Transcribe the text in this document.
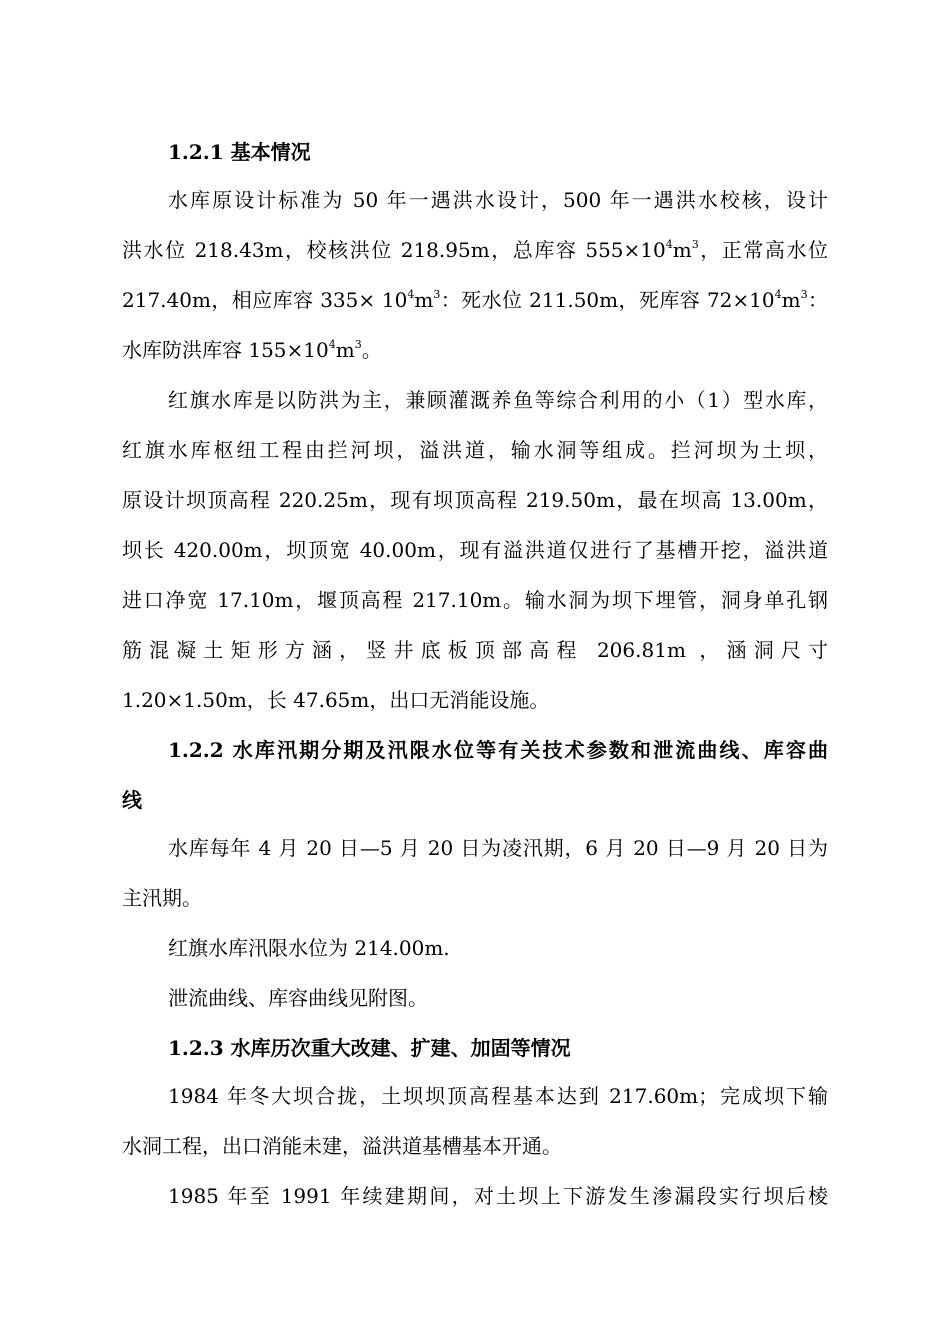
1.2.1 基本情况
水库原设计标准为 50 年一遇洪水设计，500 年一遇洪水校核，设计
洪水位 218.43m，校核洪位 218.95m，总库容 $555\times 10^4m^3$，正常高水位
217.40m，相应库容 $335\times 10^4m^3$：死水位 211.50m，死库容 $72\times 10^4m^3$：
水库防洪库容 $155\times 10^4m^3$。
红旗水库是以防洪为主，兼顾灌溉养鱼等综合利用的小（1）型水库，
红旗水库枢纽工程由拦河坝，溢洪道，输水洞等组成。拦河坝为土坝，
原设计坝顶高程 220.25m，现有坝顶高程 219.50m，最在坝高 13.00m，
坝长 420.00m，坝顶宽 40.00m，现有溢洪道仅进行了基槽开挖，溢洪道
进口净宽 17.10m，堰顶高程 217.10m。输水洞为坝下埋管，洞身单孔钢
筋混凝土矩形方涵，竖井底板顶部高程 206.81m ，涵洞尺寸
1.20×1.50m，长 47.65m，出口无消能设施。
1.2.2 水库汛期分期及汛限水位等有关技术参数和泄流曲线、库容曲
线
水库每年 4 月 20 日—5 月 20 日为凌汛期，6 月 20 日—9 月 20 日为
主汛期。
红旗水库汛限水位为 214.00m.
泄流曲线、库容曲线见附图。
1.2.3 水库历次重大改建、扩建、加固等情况
1984 年冬大坝合拢，土坝坝顶高程基本达到 217.60m；完成坝下输
水洞工程，出口消能未建，溢洪道基槽基本开通。
1985 年至 1991 年续建期间，对土坝上下游发生渗漏段实行坝后棱
